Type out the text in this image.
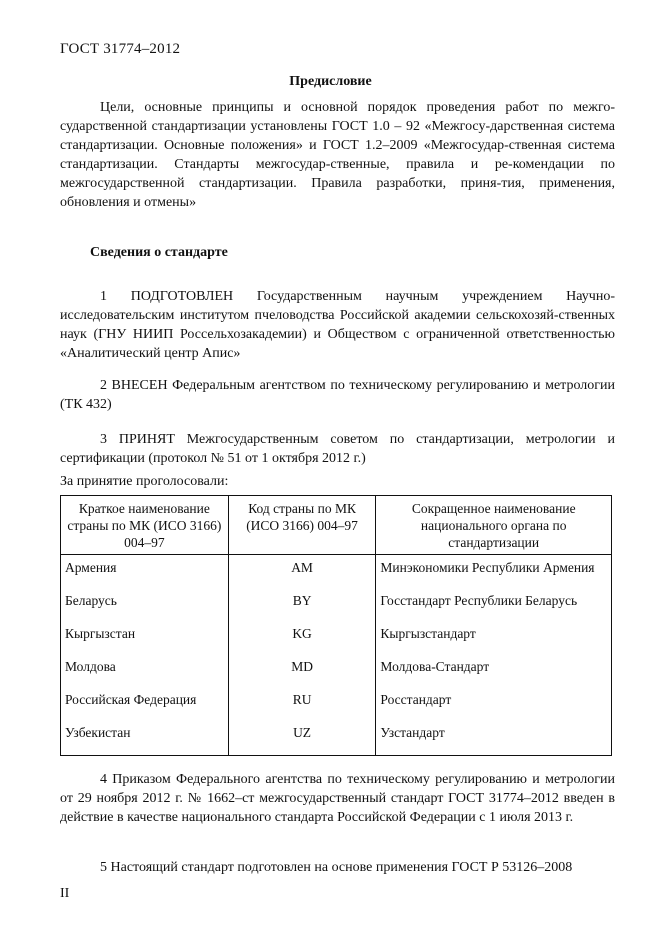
ГОСТ 31774–2012
Предисловие

Цели, основные принципы и основной порядок проведения работ по межго-сударственной стандартизации установлены ГОСТ 1.0 – 92 «Межгосу-дарственная система стандартизации. Основные положения» и ГОСТ 1.2–2009 «Межгосудар-ственная система стандартизации. Стандарты межгосудар-ственные, правила и ре-комендации по межгосударственной стандартизации. Правила разработки, приня-тия, применения, обновления и отмены»

Сведения о стандарте

1 ПОДГОТОВЛЕН Государственным научным учреждением Научно-исследовательским институтом пчеловодства Российской академии сельскохозяй-ственных наук (ГНУ НИИП Россельхозакадемии) и Обществом с ограниченной ответственностью «Аналитический центр Апис»

2 ВНЕСЕН Федеральным агентством по техническому регулированию и метрологии (ТК 432)

3 ПРИНЯТ Межгосударственным советом по стандартизации, метрологии и сертификации (протокол № 51 от 1 октября 2012 г.)

За принятие проголосовали:
Краткое наименование страны по МК (ИСО 3166) 004–97	Код страны по МК (ИСО 3166) 004–97	Сокращенное наименование национального органа по стандартизации
Армения	AM	Минэкономики Республики Армения
Беларусь	BY	Госстандарт Республики Беларусь
Кыргызстан	KG	Кыргызстандарт
Молдова	MD	Молдова-Стандарт
Российская Федерация	RU	Росстандарт
Узбекистан	UZ	Узстандарт

4 Приказом Федерального агентства по техническому регулированию и метрологии от 29 ноября 2012 г. № 1662–ст межгосударственный стандарт ГОСТ 31774–2012 введен в действие в качестве национального стандарта Российской Федерации с 1 июля 2013 г.

5 Настоящий стандарт подготовлен на основе применения ГОСТ Р 53126–2008

II
